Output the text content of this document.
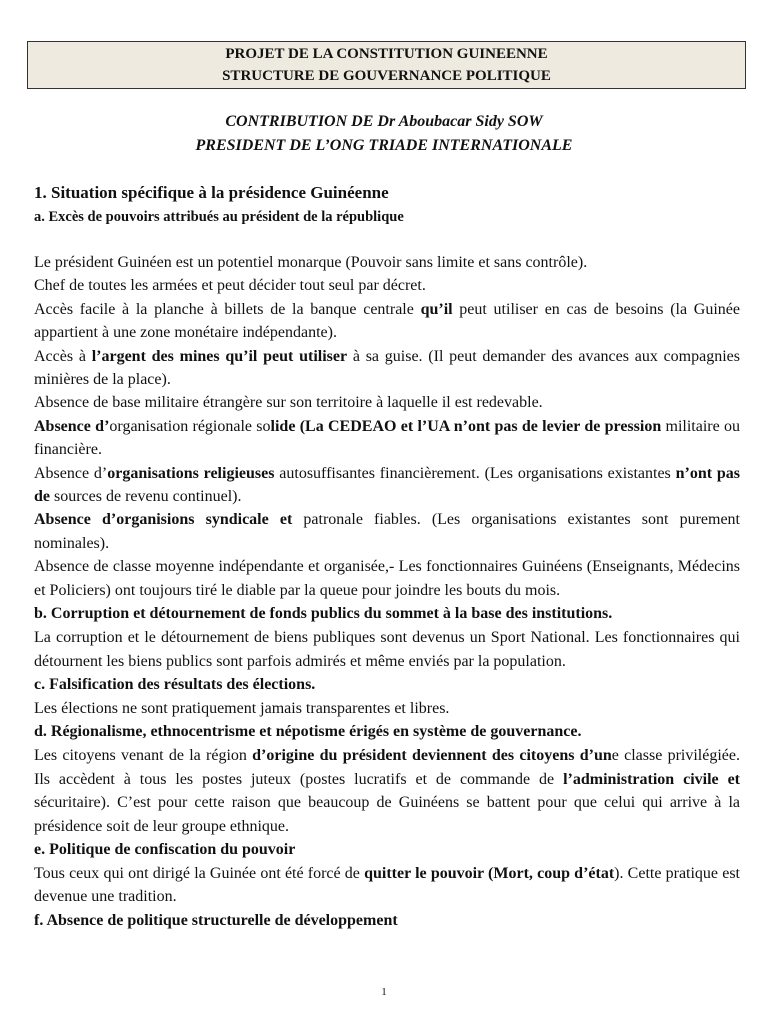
PROJET DE LA CONSTITUTION GUINEENNE
STRUCTURE DE GOUVERNANCE POLITIQUE
CONTRIBUTION DE Dr Aboubacar Sidy SOW
PRESIDENT DE L’ONG TRIADE INTERNATIONALE
1. Situation spécifique à la présidence Guinéenne
a. Excès de pouvoirs attribués au président de la république

Le président Guinéen est un potentiel monarque (Pouvoir sans limite et sans contrôle).

Chef de toutes les armées et peut décider tout seul par décret.

Accès facile à la planche à billets de la banque centrale qu’il peut utiliser en cas de besoins (la Guinée appartient à une zone monétaire indépendante).

Accès à l’argent des mines qu’il peut utiliser à sa guise. (Il peut demander des avances aux compagnies minières de la place).

Absence de base militaire étrangère sur son territoire à laquelle il est redevable.

Absence d’organisation régionale solide (La CEDEAO et l’UA n’ont pas de levier de pression militaire ou financière.

Absence d’organisations religieuses autosuffisantes financièrement. (Les organisations existantes n’ont pas de sources de revenu continuel).

Absence d’organisions syndicale et patronale fiables. (Les organisations existantes sont purement nominales).

Absence de classe moyenne indépendante et organisée,- Les fonctionnaires Guinéens (Enseignants, Médecins et Policiers) ont toujours tiré le diable par la queue pour joindre les bouts du mois.

b. Corruption et détournement de fonds publics du sommet à la base des institutions.

La corruption et le détournement de biens publiques sont devenus un Sport National. Les fonctionnaires qui détournent les biens publics sont parfois admirés et même enviés par la population.

c. Falsification des résultats des élections.

Les élections ne sont pratiquement jamais transparentes et libres.

d. Régionalisme, ethnocentrisme et népotisme érigés en système de gouvernance.

Les citoyens venant de la région d’origine du président deviennent des citoyens d’une classe privilégiée. Ils accèdent à tous les postes juteux (postes lucratifs et de commande de l’administration civile et sécuritaire). C’est pour cette raison que beaucoup de Guinéens se battent pour que celui qui arrive à la présidence soit de leur groupe ethnique.

e. Politique de confiscation du pouvoir

Tous ceux qui ont dirigé la Guinée ont été forcé de quitter le pouvoir (Mort, coup d’état). Cette pratique est devenue une tradition.

f. Absence de politique structurelle de développement
1
